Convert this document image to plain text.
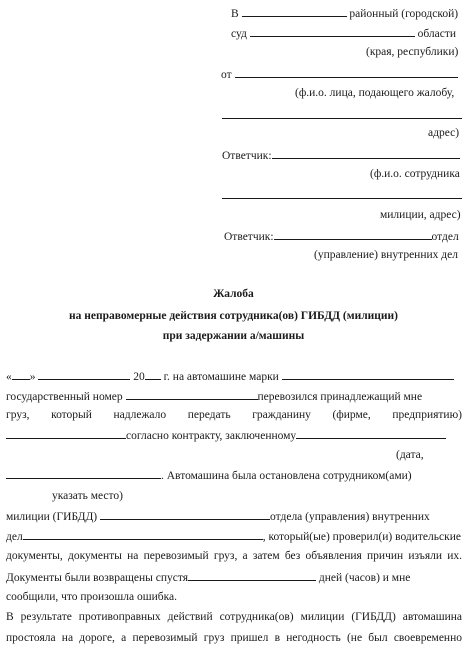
В	районный (городской)
суд	области
(края, республики)
от
(ф.и.о. лица, подающего жалобу,
адрес)
Ответчик:
(ф.и.о. сотрудника
милиции, адрес)
Ответчик:	отдел
(управление) внутренних дел
Жалоба
на неправомерные действия сотрудника(ов) ГИБДД (милиции)
при задержании а/машины
« »	20 г. на автомашине марки
государственный номер	перевозился принадлежащий мне
груз, который надлежало передать гражданину (фирме, предприятию)
согласно контракту, заключенному
(дата,
. Автомашина была остановлена сотрудником(ами)
указать место)
милиции (ГИБДД)	отдела (управления) внутренних
дел	, который(ые) проверил(и) водительские
документы, документы на перевозимый груз, а затем без объявления причин изъяли их.
Документы были возвращены спустя	дней (часов) и мне
сообщили, что произошла ошибка.
В результате противоправных действий сотрудника(ов) милиции (ГИБДД) автомашина
простояла на дороге, а перевозимый груз пришел в негодность (не был своевременно
